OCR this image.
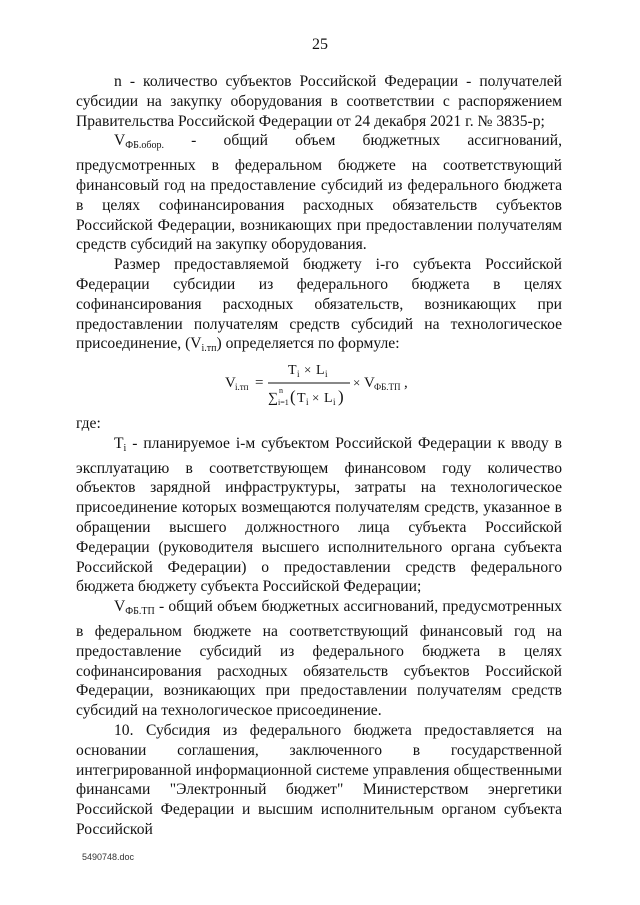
25

n - количество субъектов Российской Федерации - получателей субсидии на закупку оборудования в соответствии с распоряжением Правительства Российской Федерации от 24 декабря 2021 г. № 3835-р;

$V_{ФБ.обор.}$ - общий объем бюджетных ассигнований, предусмотренных в федеральном бюджете на соответствующий финансовый год на предоставление субсидий из федерального бюджета в целях софинансирования расходных обязательств субъектов Российской Федерации, возникающих при предоставлении получателям средств субсидий на закупку оборудования.

Размер предоставляемой бюджету i-го субъекта Российской Федерации субсидии из федерального бюджета в целях софинансирования расходных обязательств, возникающих при предоставлении получателям средств субсидий на технологическое присоединение, $(V_{i.тп})$ определяется по формуле:

V i.тп =
T i × L i
∑
n
i=1 ( T i × L i )
× V ФБ.ТП ,

где:

$T_i$ - планируемое i-м субъектом Российской Федерации к вводу в эксплуатацию в соответствующем финансовом году количество объектов зарядной инфраструктуры, затраты на технологическое присоединение которых возмещаются получателям средств, указанное в обращении высшего должностного лица субъекта Российской Федерации (руководителя высшего исполнительного органа субъекта Российской Федерации) о предоставлении средств федерального бюджета бюджету субъекта Российской Федерации;

$V_{ФБ.ТП}$ - общий объем бюджетных ассигнований, предусмотренных в федеральном бюджете на соответствующий финансовый год на предоставление субсидий из федерального бюджета в целях софинансирования расходных обязательств субъектов Российской Федерации, возникающих при предоставлении получателям средств субсидий на технологическое присоединение.

10. Субсидия из федерального бюджета предоставляется на основании соглашения, заключенного в государственной интегрированной информационной системе управления общественными финансами "Электронный бюджет" Министерством энергетики Российской Федерации и высшим исполнительным органом субъекта Российской

5490748.doc
